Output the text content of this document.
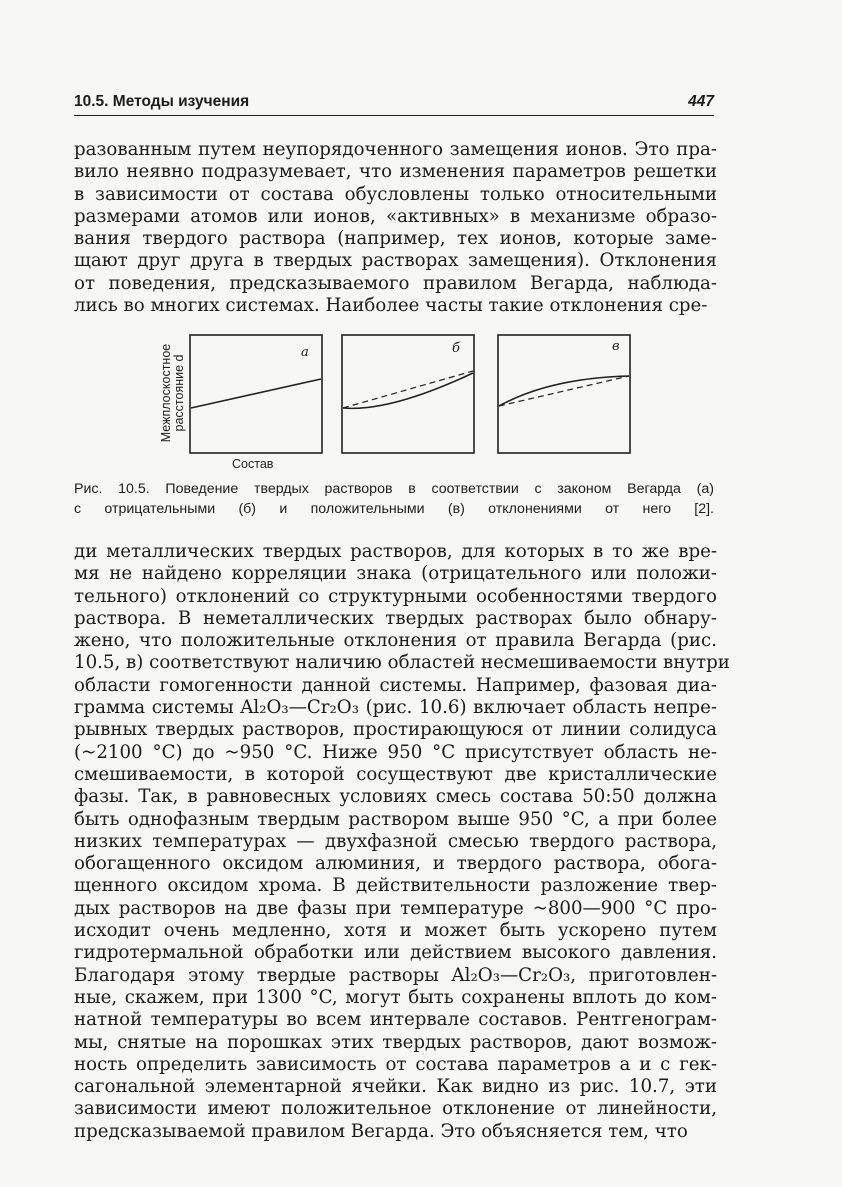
10.5. Методы изучения	447
разованным путем неупорядоченного замещения ионов. Это пра-
вило неявно подразумевает, что изменения параметров решетки
в зависимости от состава обусловлены только относительными
размерами атомов или ионов, «активных» в механизме образо-
вания твердого раствора (например, тех ионов, которые заме-
щают друг друга в твердых растворах замещения). Отклонения
от поведения, предсказываемого правилом Вегарда, наблюда-
лись во многих системах. Наиболее часты такие отклонения сре-
Межплоскостное расстояние d
а	б	в
Состав
Рис. 10.5. Поведение твердых растворов в соответствии с законом Вегарда (а)
с отрицательными (б) и положительными (в) отклонениями от него [2].
ди металлических твердых растворов, для которых в то же вре-
мя не найдено корреляции знака (отрицательного или положи-
тельного) отклонений со структурными особенностями твердого
раствора. В неметаллических твердых растворах было обнару-
жено, что положительные отклонения от правила Вегарда (рис.
10.5, в) соответствуют наличию областей несмешиваемости внутри
области гомогенности данной системы. Например, фазовая диа-
грамма системы Al₂O₃—Cr₂O₃ (рис. 10.6) включает область непре-
рывных твердых растворов, простирающуюся от линии солидуса
(~2100 °C) до ~950 °C. Ниже 950 °C присутствует область не-
смешиваемости, в которой сосуществуют две кристаллические
фазы. Так, в равновесных условиях смесь состава 50:50 должна
быть однофазным твердым раствором выше 950 °C, а при более
низких температурах — двухфазной смесью твердого раствора,
обогащенного оксидом алюминия, и твердого раствора, обога-
щенного оксидом хрома. В действительности разложение твер-
дых растворов на две фазы при температуре ~800—900 °C про-
исходит очень медленно, хотя и может быть ускорено путем
гидротермальной обработки или действием высокого давления.
Благодаря этому твердые растворы Al₂O₃—Cr₂O₃, приготовлен-
ные, скажем, при 1300 °C, могут быть сохранены вплоть до ком-
натной температуры во всем интервале составов. Рентгенограм-
мы, снятые на порошках этих твердых растворов, дают возмож-
ность определить зависимость от состава параметров a и c гек-
сагональной элементарной ячейки. Как видно из рис. 10.7, эти
зависимости имеют положительное отклонение от линейности,
предсказываемой правилом Вегарда. Это объясняется тем, что
